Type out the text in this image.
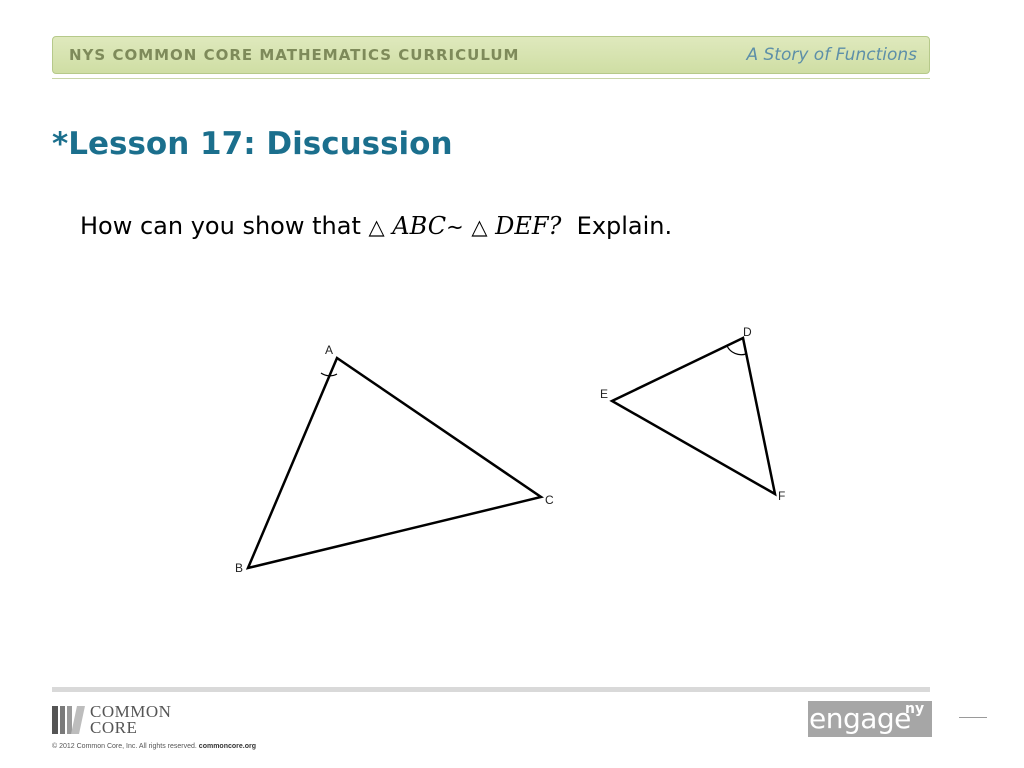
NYS COMMON CORE MATHEMATICS CURRICULUM	A Story of Functions
*Lesson 17: Discussion
How can you show that △ ABC∼ △ DEF?  Explain.
A
B
C
D
E
F
COMMON
CORE
© 2012 Common Core, Inc. All rights reserved. commoncore.org
engage
ny
